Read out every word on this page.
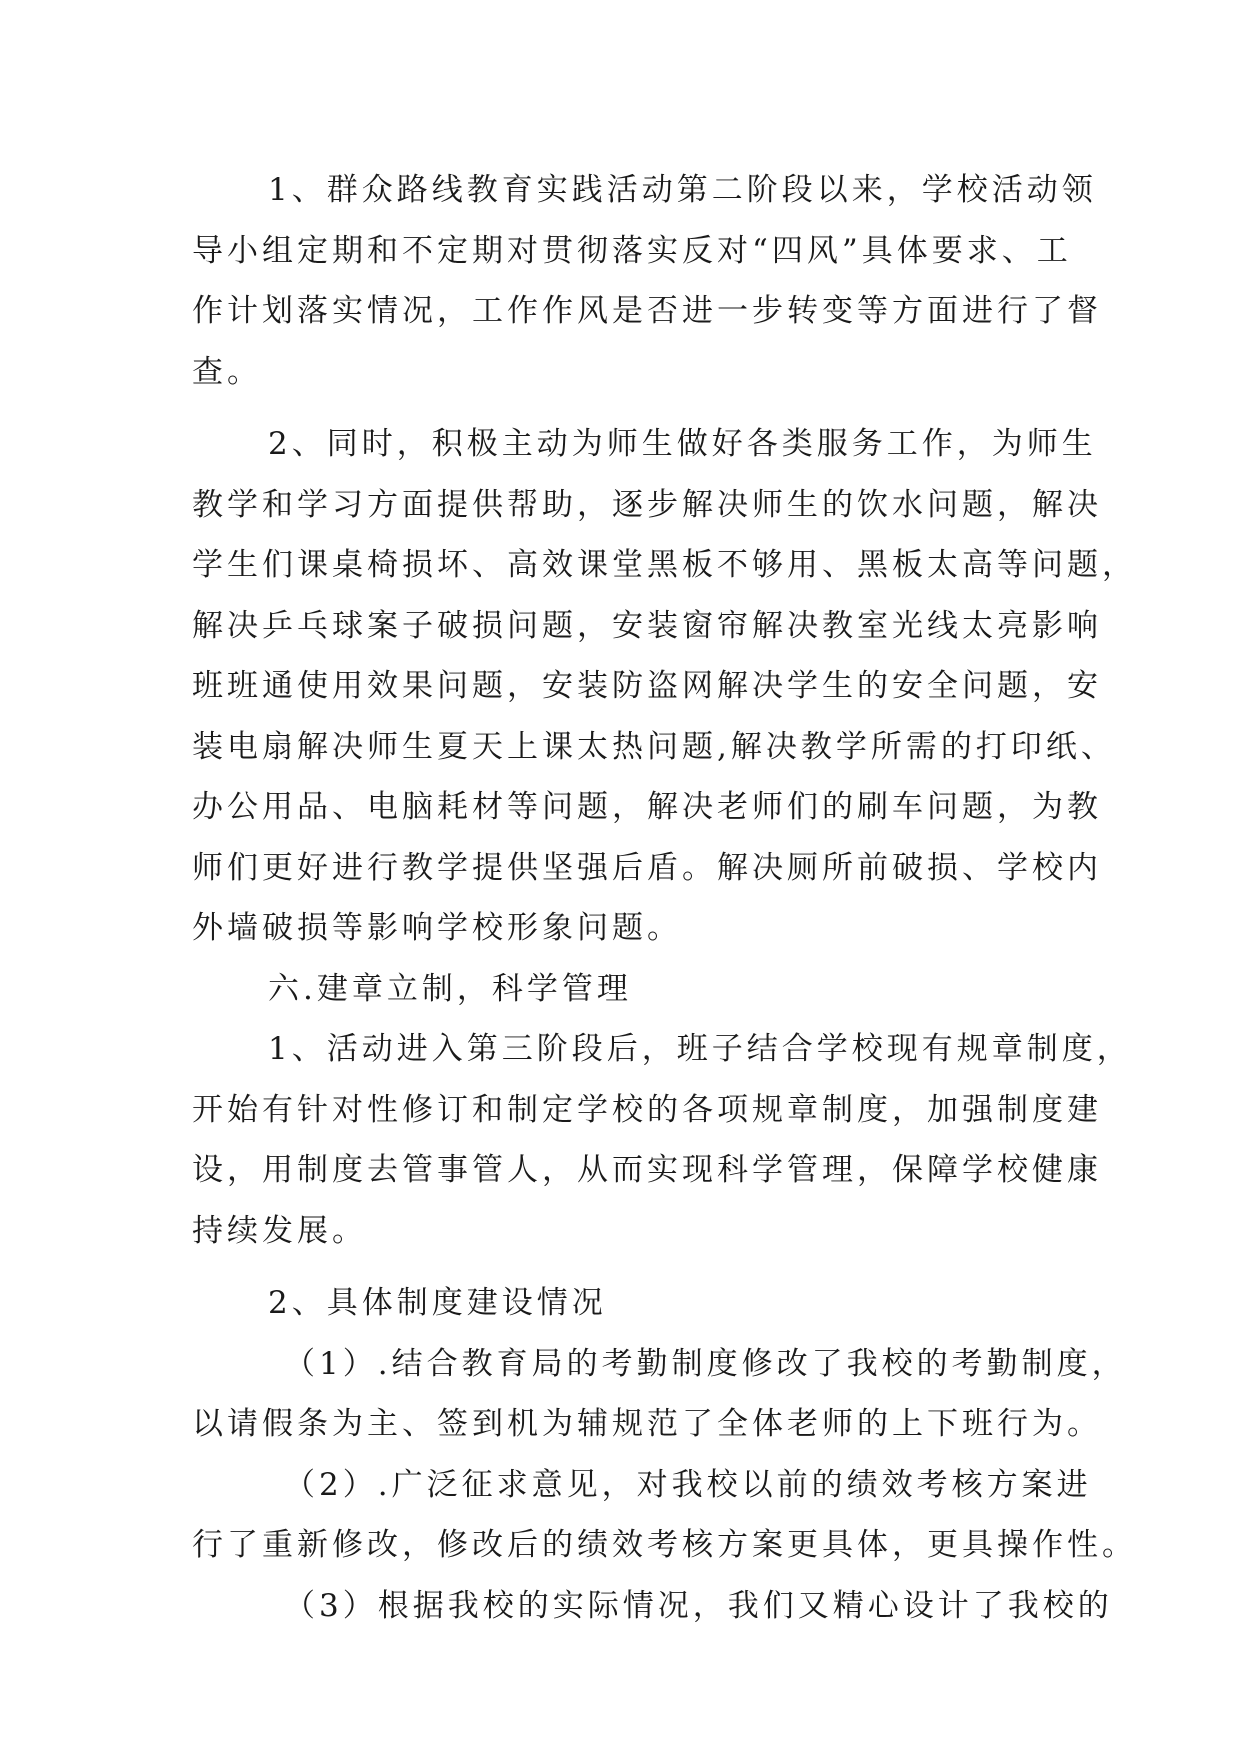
1、群众路线教育实践活动第二阶段以来，学校活动领
导小组定期和不定期对贯彻落实反对“四风”具体要求、工
作计划落实情况，工作作风是否进一步转变等方面进行了督
查。
2、同时，积极主动为师生做好各类服务工作，为师生
教学和学习方面提供帮助，逐步解决师生的饮水问题，解决
学生们课桌椅损坏、高效课堂黑板不够用、黑板太高等问题，
解决乒乓球案子破损问题，安装窗帘解决教室光线太亮影响
班班通使用效果问题，安装防盗网解决学生的安全问题，安
装电扇解决师生夏天上课太热问题,解决教学所需的打印纸、
办公用品、电脑耗材等问题，解决老师们的刷车问题，为教
师们更好进行教学提供坚强后盾。解决厕所前破损、学校内
外墙破损等影响学校形象问题。
六.建章立制，科学管理
1、活动进入第三阶段后，班子结合学校现有规章制度，
开始有针对性修订和制定学校的各项规章制度，加强制度建
设，用制度去管事管人，从而实现科学管理，保障学校健康
持续发展。
2、具体制度建设情况
（1）.结合教育局的考勤制度修改了我校的考勤制度，
以请假条为主、签到机为辅规范了全体老师的上下班行为。
（2）.广泛征求意见，对我校以前的绩效考核方案进
行了重新修改，修改后的绩效考核方案更具体，更具操作性。
（3）根据我校的实际情况，我们又精心设计了我校的
